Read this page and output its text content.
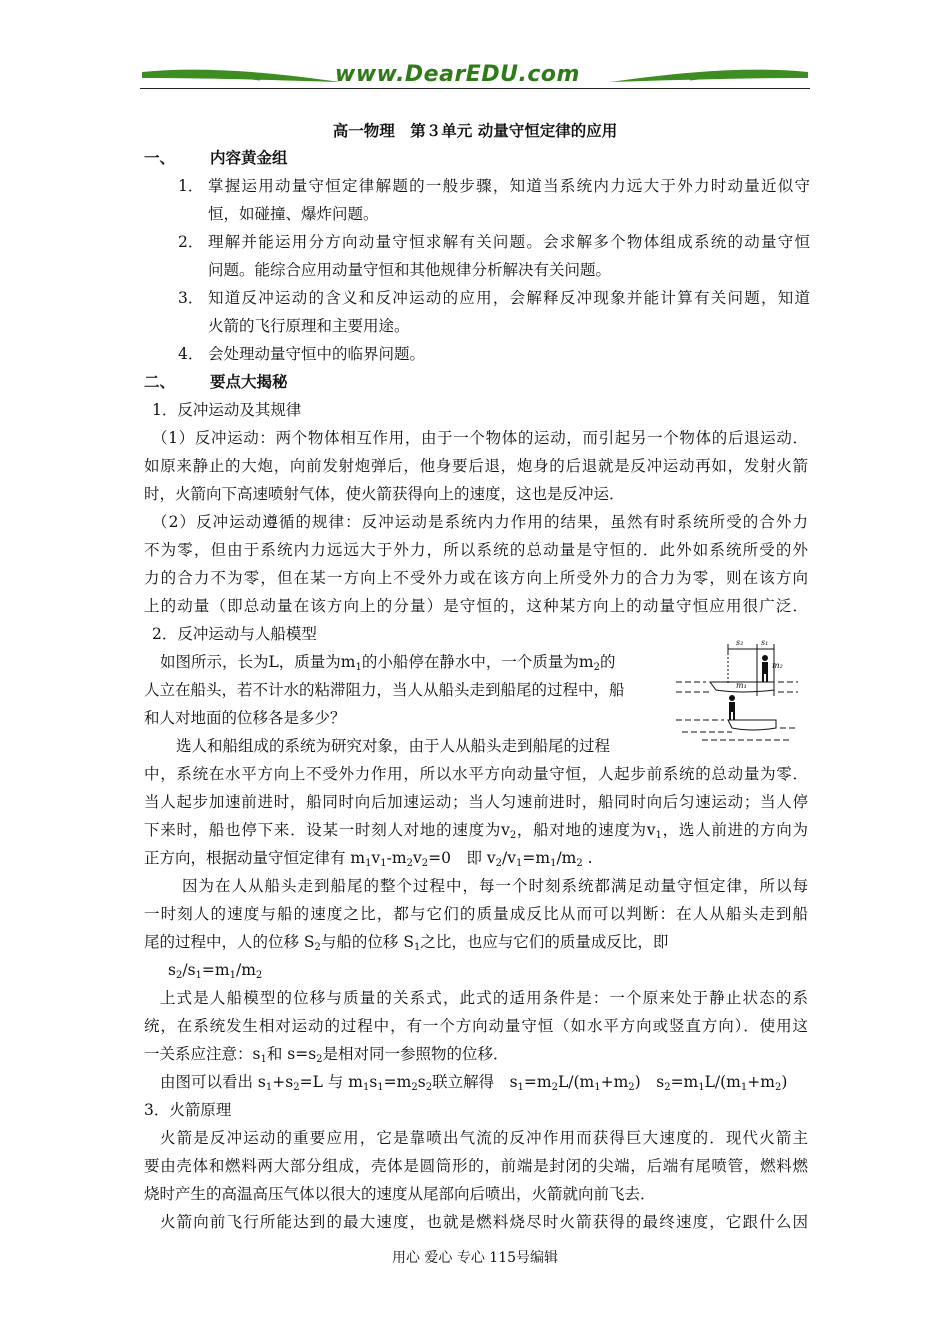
www.DearEDU.com
高一物理　第３单元 动量守恒定律的应用
一、 内容黄金组
1． 掌握运用动量守恒定律解题的一般步骤，知道当系统内力远大于外力时动量近似守
恒，如碰撞、爆炸问题。
2． 理解并能运用分方向动量守恒求解有关问题。会求解多个物体组成系统的动量守恒
问题。能综合应用动量守恒和其他规律分析解决有关问题。
3． 知道反冲运动的含义和反冲运动的应用，会解释反冲现象并能计算有关问题，知道
火箭的飞行原理和主要用途。
4． 会处理动量守恒中的临界问题。
二、 要点大揭秘
1．反冲运动及其规律
（1）反冲运动：两个物体相互作用，由于一个物体的运动，而引起另一个物体的后退运动．
如原来静止的大炮，向前发射炮弹后，他身要后退，炮身的后退就是反冲运动再如，发射火箭
时，火箭向下高速喷射气体，使火箭获得向上的速度，这也是反冲运．
（2）反冲运动遵循的规律：反冲运动是系统内力作用的结果，虽然有时系统所受的合外力
不为零，但由于系统内力远远大于外力，所以系统的总动量是守恒的．此外如系统所受的外
力的合力不为零，但在某一方向上不受外力或在该方向上所受外力的合力为零，则在该方向
上的动量（即总动量在该方向上的分量）是守恒的，这种某方向上的动量守恒应用很广泛．
2．反冲运动与人船模型
如图所示，长为L，质量为$m_1$的小船停在静水中，一个质量为$m_2$的
人立在船头，若不计水的粘滞阻力，当人从船头走到船尾的过程中，船
和人对地面的位移各是多少？
选人和船组成的系统为研究对象，由于人从船头走到船尾的过程
中，系统在水平方向上不受外力作用，所以水平方向动量守恒，人起步前系统的总动量为零．
当人起步加速前进时，船同时向后加速运动；当人匀速前进时，船同时向后匀速运动；当人停
下来时，船也停下来．设某一时刻人对地的速度为$v_2$，船对地的速度为$v_1$，选人前进的方向为
正方向，根据动量守恒定律有 $m_1v_1-m_2v_2=0$　即 $v_2/v_1=m_1/m_2$ .
因为在人从船头走到船尾的整个过程中，每一个时刻系统都满足动量守恒定律，所以每
一时刻人的速度与船的速度之比，都与它们的质量成反比从而可以判断：在人从船头走到船
尾的过程中，人的位移 $S_2$与船的位移 $S_1$之比，也应与它们的质量成反比，即
$s_2/s_1=m_1/m_2$
上式是人船模型的位移与质量的关系式，此式的适用条件是：一个原来处于静止状态的系
统，在系统发生相对运动的过程中，有一个方向动量守恒（如水平方向或竖直方向）．使用这
一关系应注意：$s_1$和 $s=s_2$是相对同一参照物的位移．
由图可以看出 $s_1+s_2=L$ 与 $m_1s_1=m_2s_2$联立解得　$s_1=m_2L/(m_1+m_2)$　$s_2=m_1L/(m_1+m_2)$
3．火箭原理
火箭是反冲运动的重要应用，它是靠喷出气流的反冲作用而获得巨大速度的．现代火箭主
要由壳体和燃料两大部分组成，壳体是圆筒形的，前端是封闭的尖端，后端有尾喷管，燃料燃
烧时产生的高温高压气体以很大的速度从尾部向后喷出，火箭就向前飞去．
火箭向前飞行所能达到的最大速度，也就是燃料烧尽时火箭获得的最终速度，它跟什么因
用心 爱心 专心 115号编辑
s₂ s₁
m₂
m₁
